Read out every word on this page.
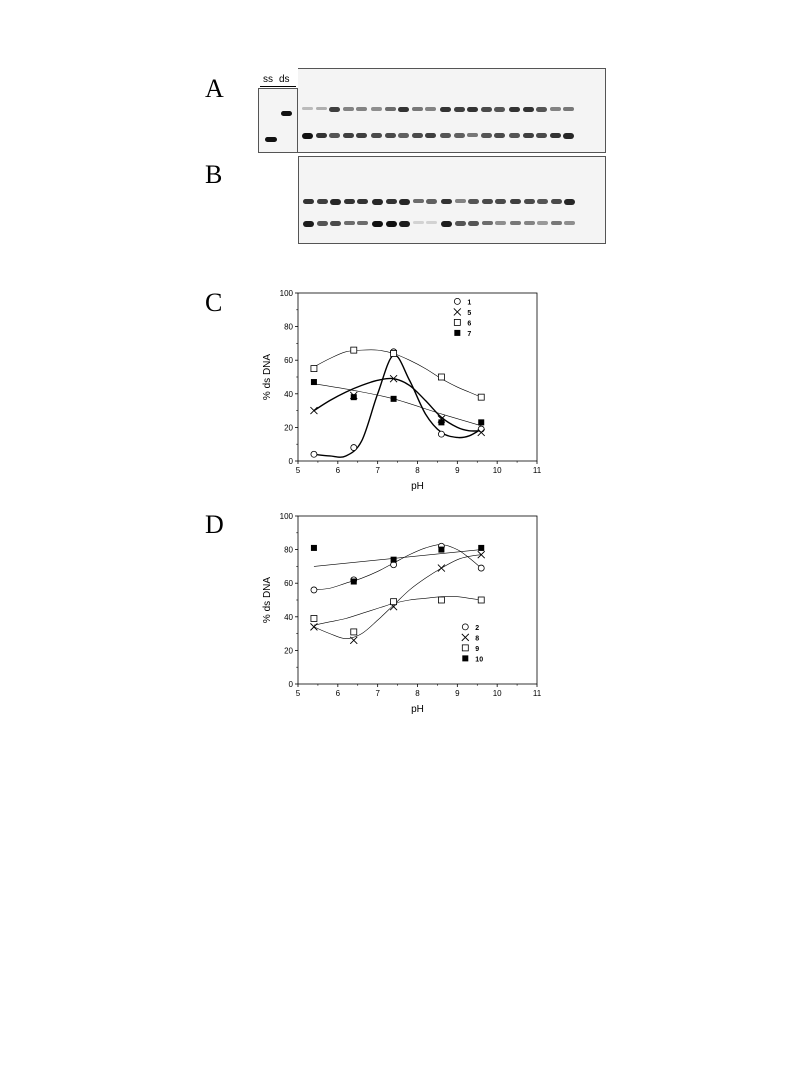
A
B
C
D
ss ds
5	6	7	8	9	10	11
0
20
40
60
80
100
pH
% ds DNA
1
5
6
7
5	6	7	8	9	10	11
0
20
40
60
80
100
pH
% ds DNA
2
8
9
10
